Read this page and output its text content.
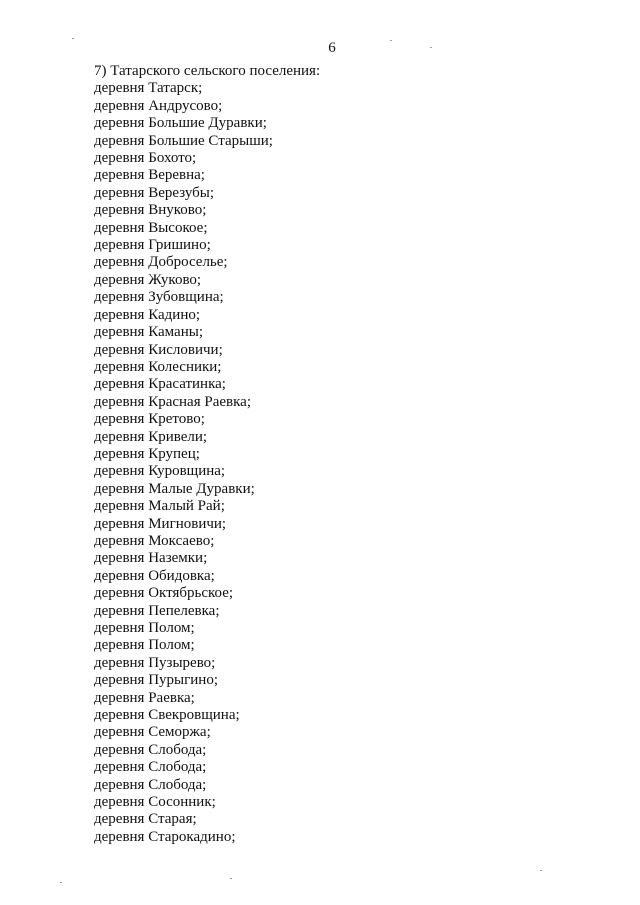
6
7) Татарского сельского поселения:
деревня Татарск;
деревня Андрусово;
деревня Большие Дуравки;
деревня Большие Старыши;
деревня Бохото;
деревня Веревна;
деревня Верезубы;
деревня Внуково;
деревня Высокое;
деревня Гришино;
деревня Доброселье;
деревня Жуково;
деревня Зубовщина;
деревня Кадино;
деревня Каманы;
деревня Кисловичи;
деревня Колесники;
деревня Красатинка;
деревня Красная Раевка;
деревня Кретово;
деревня Кривели;
деревня Крупец;
деревня Куровщина;
деревня Малые Дуравки;
деревня Малый Рай;
деревня Мигновичи;
деревня Моксаево;
деревня Наземки;
деревня Обидовка;
деревня Октябрьское;
деревня Пепелевка;
деревня Полом;
деревня Полом;
деревня Пузырево;
деревня Пурыгино;
деревня Раевка;
деревня Свекровщина;
деревня Семоржа;
деревня Слобода;
деревня Слобода;
деревня Слобода;
деревня Сосонник;
деревня Старая;
деревня Старокадино;
